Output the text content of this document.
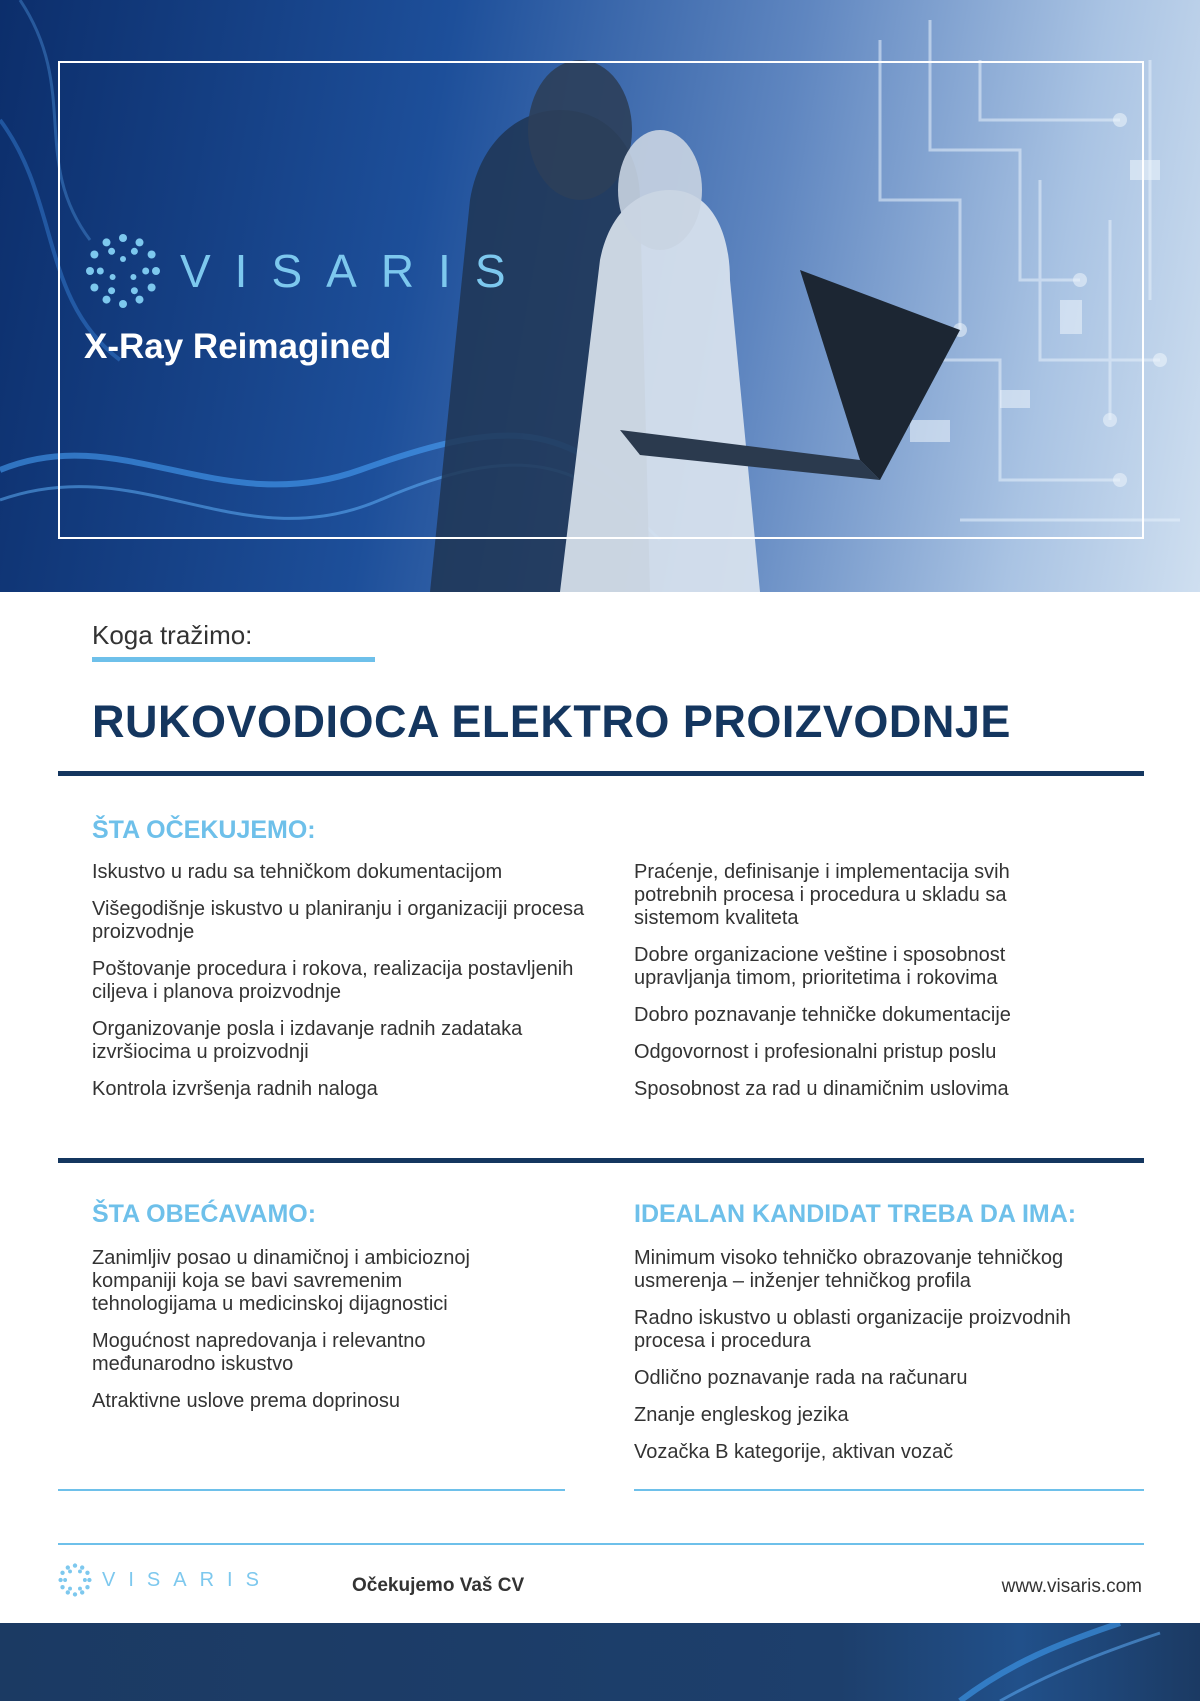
VISARIS
X-Ray Reimagined
Koga tražimo:
RUKOVODIOCA ELEKTRO PROIZVODNJE
ŠTA OČEKUJEMO:
Iskustvo u radu sa tehničkom dokumentacijom
Višegodišnje iskustvo u planiranju i organizaciji procesa proizvodnje
Poštovanje procedura i rokova, realizacija postavljenih ciljeva i planova proizvodnje
Organizovanje posla i izdavanje radnih zadataka izvršiocima u proizvodnji
Kontrola izvršenja radnih naloga
Praćenje, definisanje i implementacija svih potrebnih procesa i procedura u skladu sa sistemom kvaliteta
Dobre organizacione veštine i sposobnost upravljanja timom, prioritetima i rokovima
Dobro poznavanje tehničke dokumentacije
Odgovornost i profesionalni pristup poslu
Sposobnost za rad u dinamičnim uslovima
ŠTA OBEĆAVAMO:
Zanimljiv posao u dinamičnoj i ambicioznoj kompaniji koja se bavi savremenim tehnologijama u medicinskoj dijagnostici
Mogućnost napredovanja i relevantno međunarodno iskustvo
Atraktivne uslove prema doprinosu
IDEALAN KANDIDAT TREBA DA IMA:
Minimum visoko tehničko obrazovanje tehničkog usmerenja – inženjer tehničkog profila
Radno iskustvo u oblasti organizacije proizvodnih procesa i procedura
Odlično poznavanje rada na računaru
Znanje engleskog jezika
Vozačka B kategorije, aktivan vozač
VISARIS	Očekujemo Vaš CV	www.visaris.com
